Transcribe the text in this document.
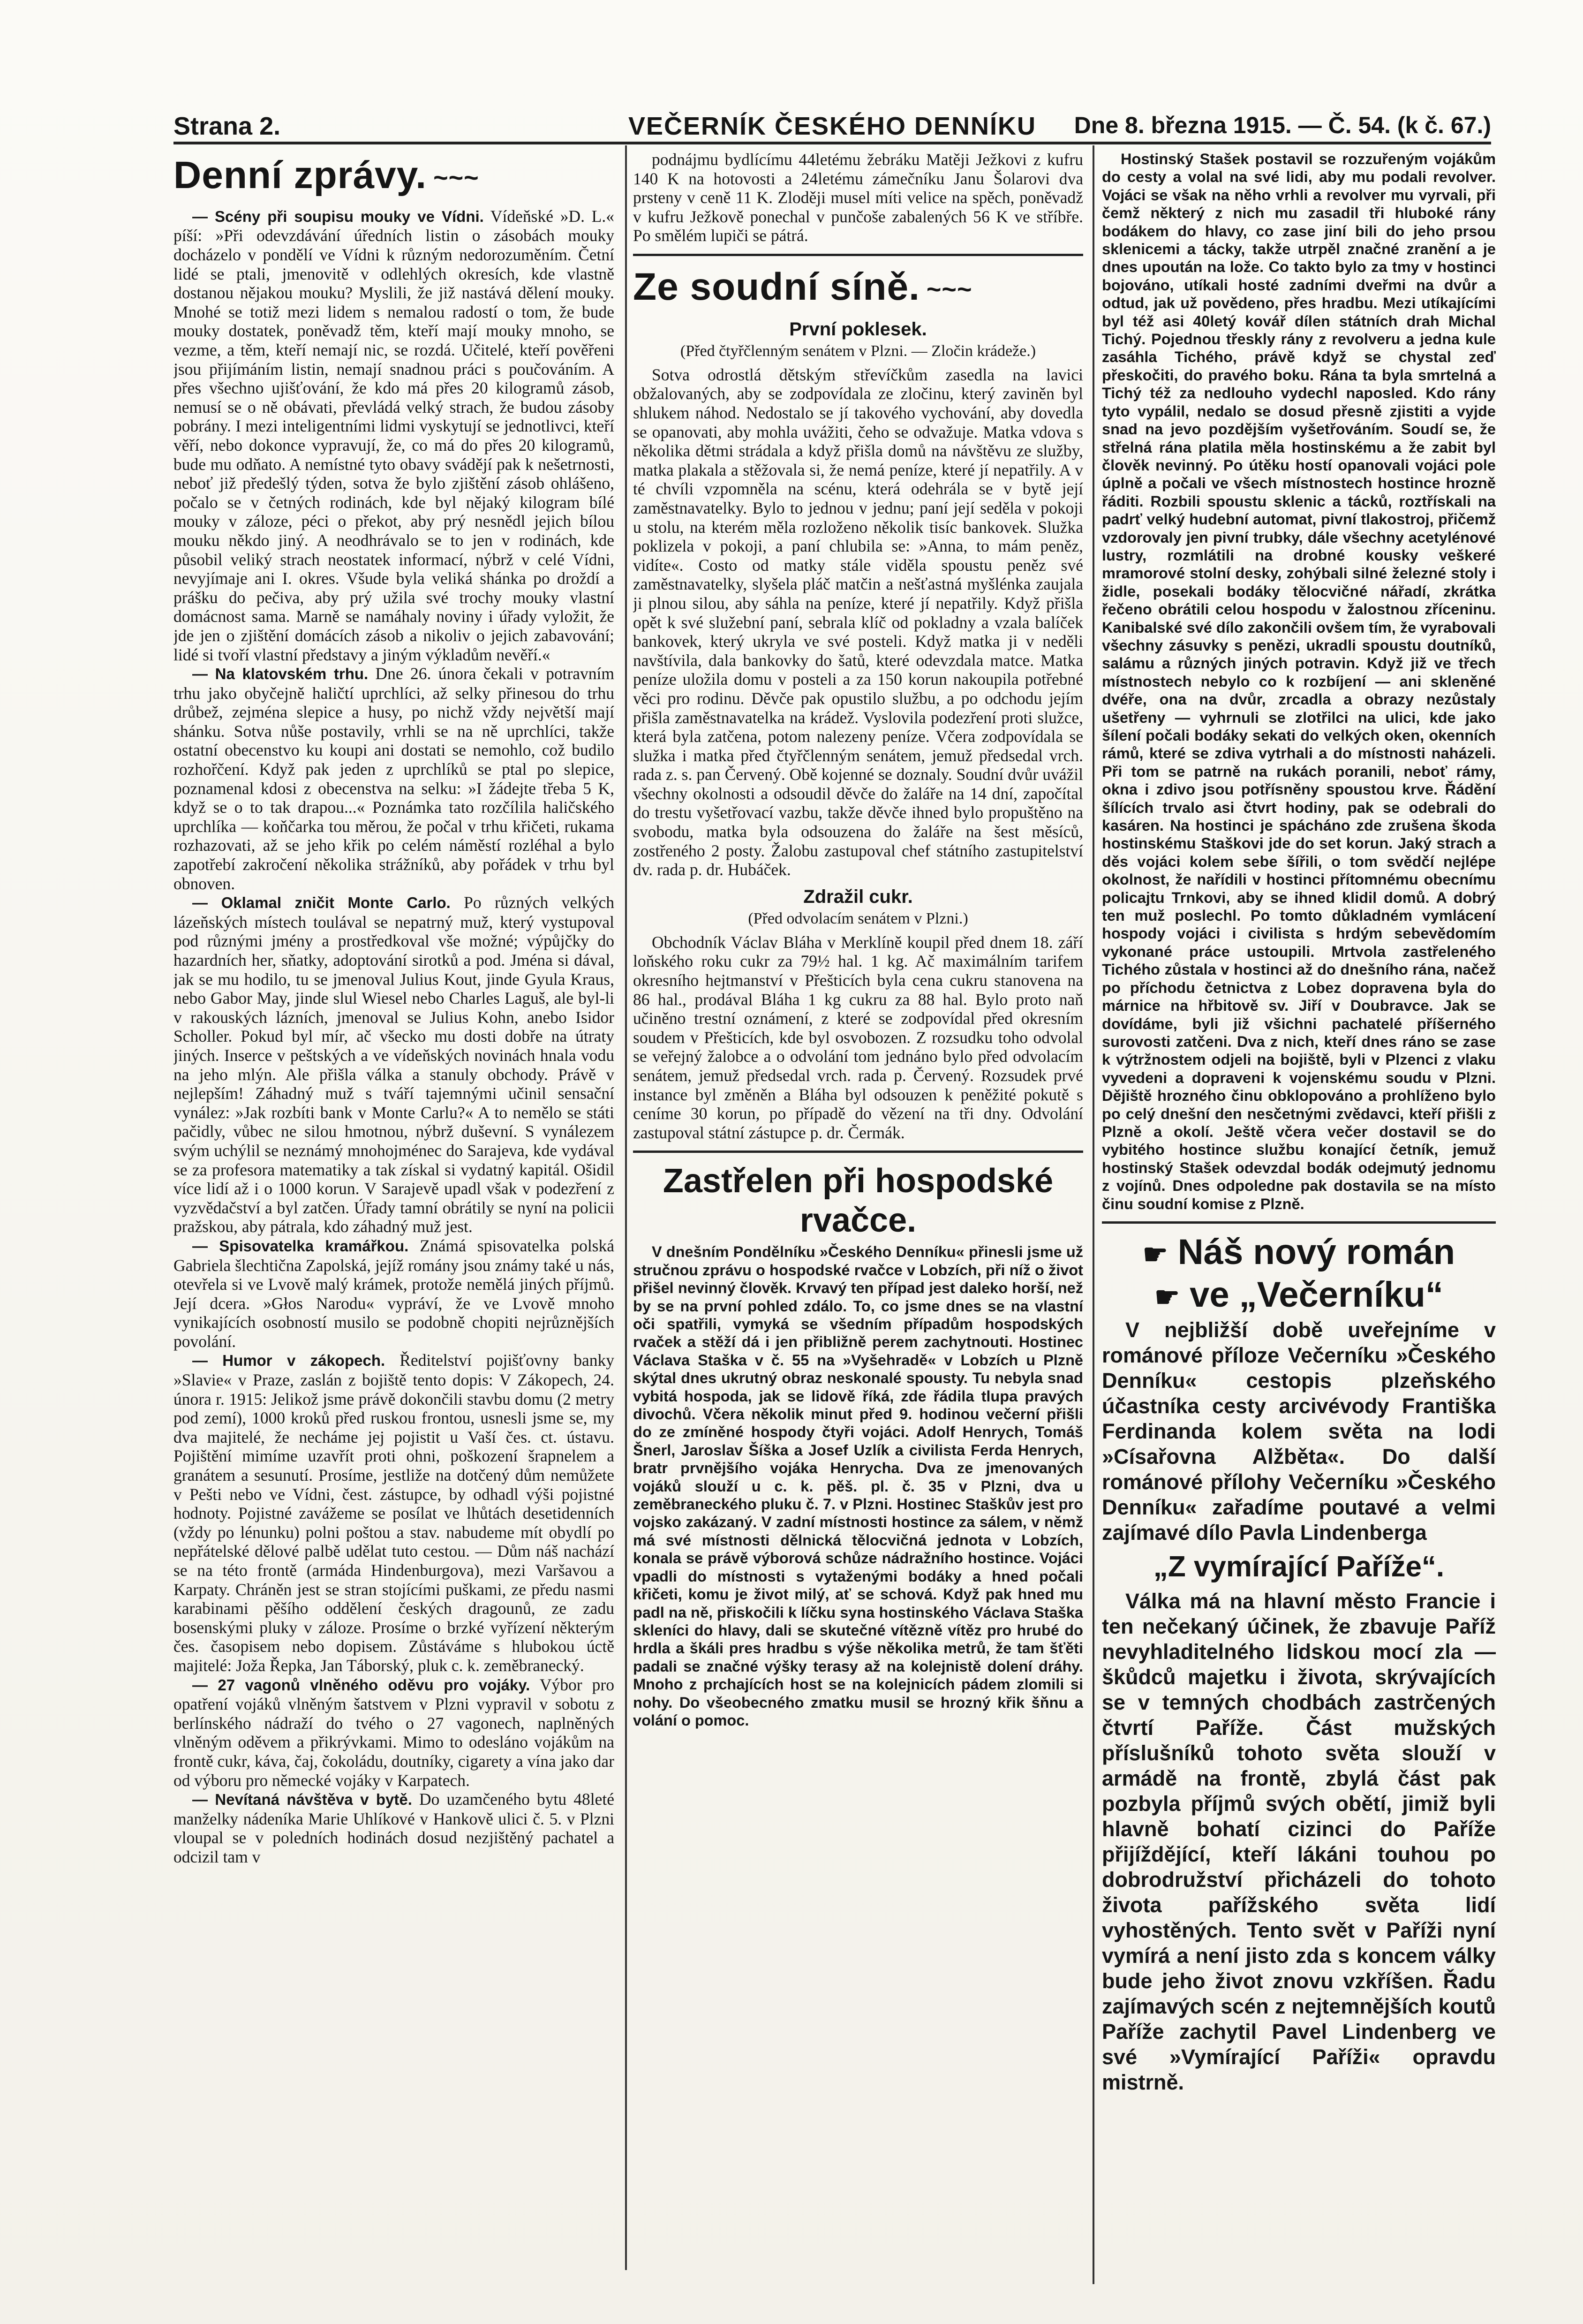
Strana 2.	VEČERNÍK ČESKÉHO DENNÍKU	Dne 8. března 1915. — Č. 54. (k č. 67.)
Denní zprávy. ~~~

— Scény při soupisu mouky ve Vídni. Vídeňské »D. L.« píší: »Při odevzdávání úředních listin o zásobách mouky docházelo v pondělí ve Vídni k různým nedorozuměním. Četní lidé se ptali, jmenovitě v odlehlých okresích, kde vlastně dostanou nějakou mouku? Myslili, že již nastává dělení mouky. Mnohé se totiž mezi lidem s nemalou radostí o tom, že bude mouky dostatek, poněvadž těm, kteří mají mouky mnoho, se vezme, a těm, kteří nemají nic, se rozdá. Učitelé, kteří pověřeni jsou přijímáním listin, nemají snadnou práci s poučováním. A přes všechno ujišťování, že kdo má přes 20 kilogramů zásob, nemusí se o ně obávati, převládá velký strach, že budou zásoby pobrány. I mezi inteligentními lidmi vyskytují se jednotlivci, kteří věří, nebo dokonce vypravují, že, co má do přes 20 kilogramů, bude mu odňato. A nemístné tyto obavy svádějí pak k nešetrnosti, neboť již předešlý týden, sotva že bylo zjištění zásob ohlášeno, počalo se v četných rodinách, kde byl nějaký kilogram bílé mouky v záloze, péci o překot, aby prý nesnědl jejich bílou mouku někdo jiný. A neodhrávalo se to jen v rodinách, kde působil veliký strach neostatek informací, nýbrž v celé Vídni, nevyjímaje ani I. okres. Všude byla veliká shánka po droždí a prášku do pečiva, aby prý užila své trochy mouky vlastní domácnost sama. Marně se namáhaly noviny i úřady vyložit, že jde jen o zjištění domácích zásob a nikoliv o jejich zabavování; lidé si tvoří vlastní představy a jiným výkladům nevěří.«

— Na klatovském trhu. Dne 26. února čekali v potravním trhu jako obyčejně haličtí uprchlíci, až selky přinesou do trhu drůbež, zejména slepice a husy, po nichž vždy největší mají shánku. Sotva nůše postavily, vrhli se na ně uprchlíci, takže ostatní obecenstvo ku koupi ani dostati se nemohlo, což budilo rozhořčení. Když pak jeden z uprchlíků se ptal po slepice, poznamenal kdosi z obecenstva na selku: »I žádejte třeba 5 K, když se o to tak drapou...« Poznámka tato rozčílila haličského uprchlíka — koňčarka tou měrou, že počal v trhu křičeti, rukama rozhazovati, až se jeho křik po celém náměstí rozléhal a bylo zapotřebí zakročení několika strážníků, aby pořádek v trhu byl obnoven.

— Oklamal zničit Monte Carlo. Po různých velkých lázeňských místech toulával se nepatrný muž, který vystupoval pod různými jmény a prostředkoval vše možné; výpůjčky do hazardních her, sňatky, adoptování sirotků a pod. Jména si dával, jak se mu hodilo, tu se jmenoval Julius Kout, jinde Gyula Kraus, nebo Gabor May, jinde slul Wiesel nebo Charles Laguš, ale byl-li v rakouských lázních, jmenoval se Julius Kohn, anebo Isidor Scholler. Pokud byl mír, ač všecko mu dosti dobře na útraty jiných. Inserce v peštských a ve vídeňských novinách hnala vodu na jeho mlýn. Ale přišla válka a stanuly obchody. Právě v nejlepším! Záhadný muž s tváří tajemnými učinil sensační vynález: »Jak rozbíti bank v Monte Carlu?« A to nemělo se státi pačidly, vůbec ne silou hmotnou, nýbrž duševní. S vynálezem svým uchýlil se neznámý mnohojménec do Sarajeva, kde vydával se za profesora matematiky a tak získal si vydatný kapitál. Ošidil více lidí až i o 1000 korun. V Sarajevě upadl však v podezření z vyzvědačství a byl zatčen. Úřady tamní obrátily se nyní na policii pražskou, aby pátrala, kdo záhadný muž jest.

— Spisovatelka kramářkou. Známá spisovatelka polská Gabriela šlechtična Zapolská, jejíž romány jsou známy také u nás, otevřela si ve Lvově malý krámek, protože nemělá jiných příjmů. Její dcera. »Głos Narodu« vypráví, že ve Lvově mnoho vynikajících osobností musilo se podobně chopiti nejrůznějších povolání.

— Humor v zákopech. Ředitelství pojišťovny banky »Slavie« v Praze, zaslán z bojiště tento dopis: V Zákopech, 24. února r. 1915: Jelikož jsme právě dokončili stavbu domu (2 metry pod zemí), 1000 kroků před ruskou frontou, usnesli jsme se, my dva majitelé, že necháme jej pojistit u Vaší čes. ct. ústavu. Pojištění mimíme uzavřít proti ohni, poškození šrapnelem a granátem a sesunutí. Prosíme, jestliže na dotčený dům nemůžete v Pešti nebo ve Vídni, čest. zástupce, by odhadl výši pojistné hodnoty. Pojistné zavážeme se posílat ve lhůtách desetidenních (vždy po lénunku) polni poštou a stav. nabudeme mít obydlí po nepřátelské dělové palbě udělat tuto cestou. — Dům náš nachází se na této frontě (armáda Hindenburgova), mezi Varšavou a Karpaty. Chráněn jest se stran stojícími puškami, ze předu nasmi karabinami pěšího oddělení českých dragounů, ze zadu bosenskými pluky v záloze. Prosíme o brzké vyřízení některým čes. časopisem nebo dopisem. Zůstáváme s hlubokou úctě majitelé: Joža Řepka, Jan Táborský, pluk c. k. zeměbranecký.

— 27 vagonů vlněného oděvu pro vojáky. Výbor pro opatření vojáků vlněným šatstvem v Plzni vypravil v sobotu z berlínského nádraží do tvého o 27 vagonech, naplněných vlněným oděvem a přikrývkami. Mimo to odesláno vojákům na frontě cukr, káva, čaj, čokoládu, doutníky, cigarety a vína jako dar od výboru pro německé vojáky v Karpatech.

— Nevítaná návštěva v bytě. Do uzamčeného bytu 48leté manželky nádeníka Marie Uhlíkové v Hankově ulici č. 5. v Plzni vloupal se v poledních hodinách dosud nezjištěný pachatel a odcizil tam v

podnájmu bydlícímu 44letému žebráku Matěji Ježkovi z kufru 140 K na hotovosti a 24letému zámečníku Janu Šolarovi dva prsteny v ceně 11 K. Zloději musel míti velice na spěch, poněvadž v kufru Ježkově ponechal v punčoše zabalených 56 K ve stříbře. Po smělém lupiči se pátrá.

Ze soudní síně. ~~~
První poklesek.
(Před čtyřčlenným senátem v Plzni. — Zločin krádeže.)

Sotva odrostlá dětským střevíčkům zasedla na lavici obžalovaných, aby se zodpovídala ze zločinu, který zaviněn byl shlukem náhod. Nedostalo se jí takového vychování, aby dovedla se opanovati, aby mohla uvážiti, čeho se odvažuje. Matka vdova s několika dětmi strádala a když přišla domů na návštěvu ze služby, matka plakala a stěžovala si, že nemá peníze, které jí nepatřily. A v té chvíli vzpomněla na scénu, která odehrála se v bytě její zaměstnavatelky. Bylo to jednou v jednu; paní její seděla v pokoji u stolu, na kterém měla rozloženo několik tisíc bankovek. Služka poklizela v pokoji, a paní chlubila se: »Anna, to mám peněz, vidíte«. Costo od matky stále viděla spoustu peněz své zaměstnavatelky, slyšela pláč matčin a nešťastná myšlénka zaujala ji plnou silou, aby sáhla na peníze, které jí nepatřily. Když přišla opět k své služební paní, sebrala klíč od pokladny a vzala balíček bankovek, který ukryla ve své posteli. Když matka ji v neděli navštívila, dala bankovky do šatů, které odevzdala matce. Matka peníze uložila domu v posteli a za 150 korun nakoupila potřebné věci pro rodinu. Děvče pak opustilo službu, a po odchodu jejím přišla zaměstnavatelka na krádež. Vyslovila podezření proti služce, která byla zatčena, potom nalezeny peníze. Včera zodpovídala se služka i matka před čtyřčlenným senátem, jemuž předsedal vrch. rada z. s. pan Červený. Obě kojenné se doznaly. Soudní dvůr uvážil všechny okolnosti a odsoudil děvče do žaláře na 14 dní, započítal do trestu vyšetřovací vazbu, takže děvče ihned bylo propuštěno na svobodu, matka byla odsouzena do žaláře na šest měsíců, zostřeného 2 posty. Žalobu zastupoval chef státního zastupitelství dv. rada p. dr. Hubáček.

Zdražil cukr.
(Před odvolacím senátem v Plzni.)

Obchodník Václav Bláha v Merklíně koupil před dnem 18. září loňského roku cukr za 79½ hal. 1 kg. Ač maximálním tarifem okresního hejtmanství v Přešticích byla cena cukru stanovena na 86 hal., prodával Bláha 1 kg cukru za 88 hal. Bylo proto naň učiněno trestní oznámení, z které se zodpovídal před okresním soudem v Přešticích, kde byl osvobozen. Z rozsudku toho odvolal se veřejný žalobce a o odvolání tom jednáno bylo před odvolacím senátem, jemuž předsedal vrch. rada p. Červený. Rozsudek prvé instance byl změněn a Bláha byl odsouzen k peněžité pokutě s ceníme 30 korun, po případě do vězení na tři dny. Odvolání zastupoval státní zástupce p. dr. Čermák.

Zastřelen při hospodské rvačce.

V dnešním Pondělníku »Českého Denníku« přinesli jsme už stručnou zprávu o hospodské rvačce v Lobzích, při níž o život přišel nevinný člověk. Krvavý ten případ jest daleko horší, než by se na první pohled zdálo. To, co jsme dnes se na vlastní oči spatřili, vymyká se všedním případům hospodských rvaček a stěží dá i jen přibližně perem zachytnouti. Hostinec Václava Staška v č. 55 na »Vyšehradě« v Lobzích u Plzně skýtal dnes ukrutný obraz neskonalé spousty. Tu nebyla snad vybitá hospoda, jak se lidově říká, zde řádila tlupa pravých divochů. Včera několik minut před 9. hodinou večerní přišli do ze zmíněné hospody čtyři vojáci. Adolf Henrych, Tomáš Šnerl, Jaroslav Šíška a Josef Uzlík a civilista Ferda Henrych, bratr prvnějšího vojáka Henrycha. Dva ze jmenovaných vojáků slouží u c. k. pěš. pl. č. 35 v Plzni, dva u zeměbraneckého pluku č. 7. v Plzni. Hostinec Staškův jest pro vojsko zakázaný. V zadní místnosti hostince za sálem, v němž má své místnosti dělnická tělocvičná jednota v Lobzích, konala se právě výborová schůze nádražního hostince. Vojáci vpadli do místnosti s vytaženými bodáky a hned počali křičeti, komu je život milý, ať se schová. Když pak hned mu padl na ně, přiskočili k líčku syna hostinského Václava Staška skleníci do hlavy, dali se skutečné vítězně vítěz pro hrubé do hrdla a škáli pres hradbu s výše několika metrů, že tam šťěti padali se značné výšky terasy až na kolejnistě dolení dráhy. Mnoho z prchajících host se na kolejnicích pádem zlomili si nohy. Do všeobecného zmatku musil se hrozný křik šňnu a volání o pomoc.

Hostinský Stašek postavil se rozzuřeným vojákům do cesty a volal na své lidi, aby mu podali revolver. Vojáci se však na něho vrhli a revolver mu vyrvali, při čemž některý z nich mu zasadil tři hluboké rány bodákem do hlavy, co zase jiní bili do jeho prsou sklenicemi a táckу, takže utrpěl značné zranění a je dnes upoután na lože. Co takto bylo za tmy v hostinci bojováno, utíkali hosté zadními dveřmi na dvůr a odtud, jak už povědeno, přes hradbu. Mezi utíkajícími byl též asi 40letý kovář dílen státních drah Michal Tichý. Pojednou třeskly rány z revolveru a jedna kule zasáhla Tichého, právě když se chystal zeď přeskočiti, do pravého boku. Rána ta byla smrtelná a Tichý též za nedlouho vydechl naposled. Kdo rány tyto vypálil, nedalo se dosud přesně zjistiti a vyjde snad na jevo pozdějším vyšetřováním. Soudí se, že střelná rána platila měla hostinskému a že zabit byl člověk nevinný. Po útěku hostí opanovali vojáci pole úplně a počali ve všech místnostech hostince hrozně řáditi. Rozbili spoustu sklenic a tácků, roztřískali na padrť velký hudební automat, pivní tlakostroj, přičemž vzdorovaly jen pivní trubky, dále všechny acetylénové lustry, rozmlátili na drobné kousky veškeré mramorové stolní desky, zohýbali silné železné stoly i židle, posekali bodáky tělocvičné nářadí, zkrátka řečeno obrátili celou hospodu v žalostnou zříceninu. Kanibalské své dílo zakončili ovšem tím, že vyrabovali všechny zásuvky s penězi, ukradli spoustu doutníků, salámu a různých jiných potravin. Když již ve třech místnostech nebylo co k rozbíjení — ani skleněné dvéře, ona na dvůr, zrcadla a obrazy nezůstaly ušetřeny — vyhrnuli se zlotřilci na ulici, kde jako šílení počali bodáky sekati do velkých oken, okenních rámů, které se zdiva vytrhali a do místnosti naházeli. Při tom se patrně na rukách poranili, neboť rámy, okna i zdivo jsou potřísněny spoustou krve. Řádění šílících trvalo asi čtvrt hodiny, pak se odebrali do kasáren. Na hostinci je spácháno zde zrušena škoda hostinskému Staškovi jde do set korun. Jaký strach a děs vojáci kolem sebe šířili, o tom svědčí nejlépe okolnost, že nařídili v hostinci přítomnému obecnímu policajtu Trnkovi, aby se ihned klidil domů. A dobrý ten muž poslechl. Po tomto důkladném vymlácení hospody vojáci i civilista s hrdým sebevědomím vykonané práce ustoupili. Mrtvola zastřeleného Tichého zůstala v hostinci až do dnešního rána, načež po příchodu četnictva z Lobez dopravena byla do márnice na hřbitově sv. Jiří v Doubravce. Jak se dovídáme, byli již všichni pachatelé příšerného surovosti zatčeni. Dva z nich, kteří dnes ráno se zase k výtržnostem odjeli na bojiště, byli v Plzenci z vlaku vyvedeni a dopraveni k vojenskému soudu v Plzni. Dějiště hrozného činu obklopováno a prohlíženo bylo po celý dnešní den nesčetnými zvědavci, kteří přišli z Plzně a okolí. Ještě včera večer dostavil se do vybitého hostince službu konající četník, jemuž hostinský Stašek odevzdal bodák odejmutý jednomu z vojínů. Dnes odpoledne pak dostavila se na místo činu soudní komise z Plzně.

☛ Náš nový román
☛ ve „Večerníku“

V nejbližší době uveřejníme v románové příloze Večerníku »Českého Denníku« cestopis plzeňského účastníka cesty arcivévody Františka Ferdinanda kolem světa na lodi »Císařovna Alžběta«. Do další románové přílohy Večerníku »Českého Denníku« zařadíme poutavé a velmi zajímavé dílo Pavla Lindenberga

„Z vymírající Paříže“.

Válka má na hlavní město Francie i ten nečekaný účinek, že zbavuje Paříž nevyhladitelného lidskou mocí zla — škůdců majetku i života, skrývajících se v temných chodbách zastrčených čtvrtí Paříže. Část mužských příslušníků tohoto světa slouží v armádě na frontě, zbylá část pak pozbyla příjmů svých obětí, jimiž byli hlavně bohatí cizinci do Paříže přijíždějící, kteří lákáni touhou po dobrodružství přicházeli do tohoto života pařížského světa lidí vyhostěných. Tento svět v Paříži nyní vymírá a není jisto zda s koncem války bude jeho život znovu vzkříšen. Řadu zajímavých scén z nejtemnějších koutů Paříže zachytil Pavel Lindenberg ve své »Vymírající Paříži« opravdu mistrně.
